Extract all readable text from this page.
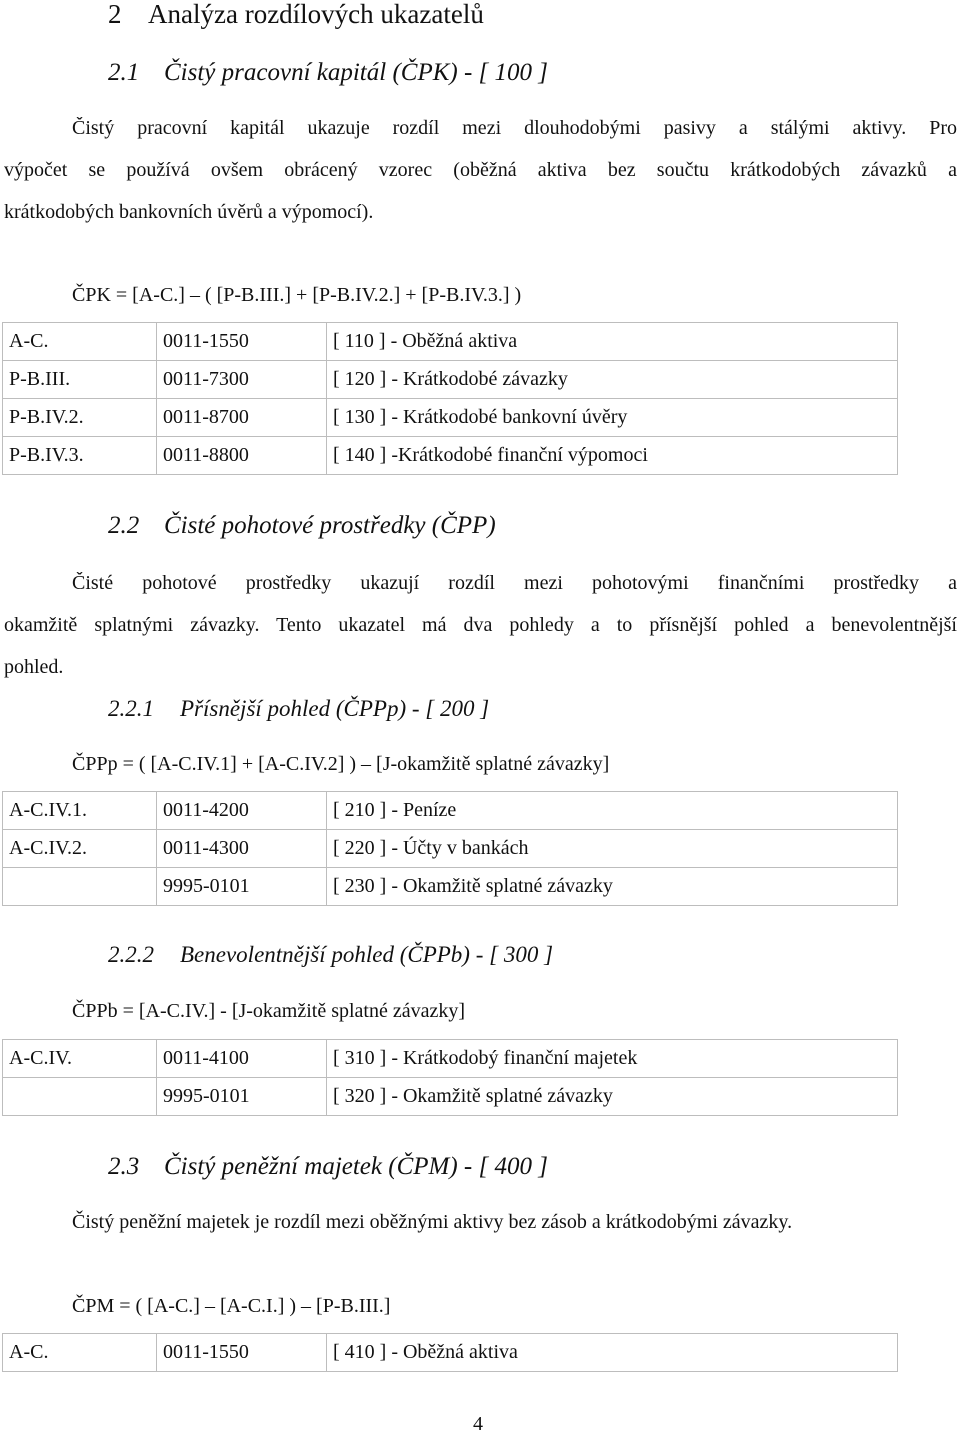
2 Analýza rozdílových ukazatelů
2.1 Čistý pracovní kapitál (ČPK) - [ 100 ]
Čistý pracovní kapitál ukazuje rozdíl mezi dlouhodobými pasivy a stálými aktivy. Pro
výpočet se používá ovšem obrácený vzorec (oběžná aktiva bez součtu krátkodobých závazků a
krátkodobých bankovních úvěrů a výpomocí).
ČPK = [A-C.] – ( [P-B.III.] + [P-B.IV.2.] + [P-B.IV.3.] )
A-C.	0011-1550	[ 110 ] - Oběžná aktiva
P-B.III.	0011-7300	[ 120 ] - Krátkodobé závazky
P-B.IV.2.	0011-8700	[ 130 ] - Krátkodobé bankovní úvěry
P-B.IV.3.	0011-8800	[ 140 ] -Krátkodobé finanční výpomoci
2.2 Čisté pohotové prostředky (ČPP)
Čisté pohotové prostředky ukazují rozdíl mezi pohotovými finančními prostředky a
okamžitě splatnými závazky. Tento ukazatel má dva pohledy a to přísnější pohled a benevolentnější
pohled.
2.2.1 Přísnější pohled (ČPPp) - [ 200 ]
ČPPp = ( [A-C.IV.1] + [A-C.IV.2] ) – [J-okamžitě splatné závazky]
A-C.IV.1.	0011-4200	[ 210 ] - Peníze
A-C.IV.2.	0011-4300	[ 220 ] - Účty v bankách
	9995-0101	[ 230 ] - Okamžitě splatné závazky
2.2.2 Benevolentnější pohled (ČPPb) - [ 300 ]
ČPPb = [A-C.IV.] - [J-okamžitě splatné závazky]
A-C.IV.	0011-4100	[ 310 ] - Krátkodobý finanční majetek
	9995-0101	[ 320 ] - Okamžitě splatné závazky
2.3 Čistý peněžní majetek (ČPM) - [ 400 ]
Čistý peněžní majetek je rozdíl mezi oběžnými aktivy bez zásob a krátkodobými závazky.
ČPM = ( [A-C.] – [A-C.I.] ) – [P-B.III.]
A-C.	0011-1550	[ 410 ] - Oběžná aktiva
4
